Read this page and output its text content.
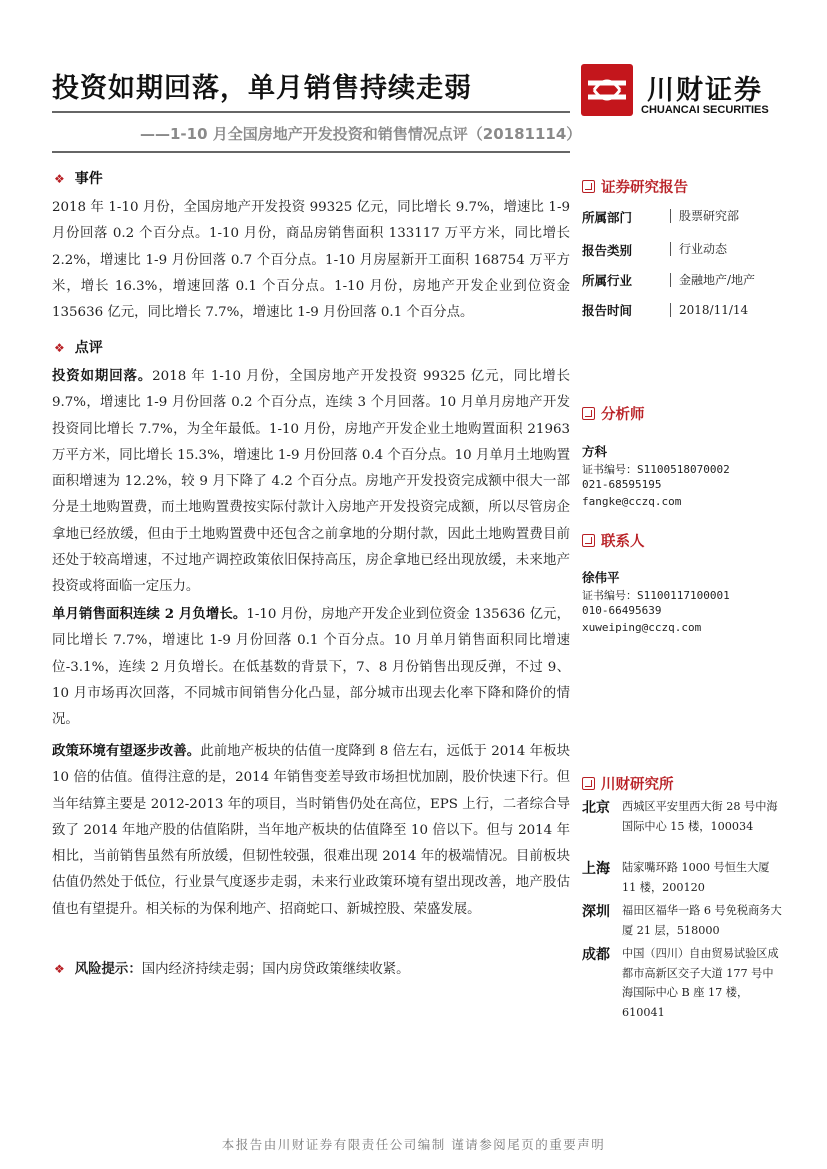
投资如期回落，单月销售持续走弱
——1-10 月全国房地产开发投资和销售情况点评（20181114）
川财证券
CHUANCAI SECURITIES
❖ 事件
2018 年 1-10 月份，全国房地产开发投资 99325 亿元，同比增长 9.7%，增速比 1-9 月份回落 0.2 个百分点。1-10 月份，商品房销售面积 133117 万平方米，同比增长 2.2%，增速比 1-9 月份回落 0.7 个百分点。1-10 月房屋新开工面积 168754 万平方米，增长 16.3%，增速回落 0.1 个百分点。1-10 月份，房地产开发企业到位资金 135636 亿元，同比增长 7.7%，增速比 1-9 月份回落 0.1 个百分点。
❖ 点评
投资如期回落。2018 年 1-10 月份，全国房地产开发投资 99325 亿元，同比增长 9.7%，增速比 1-9 月份回落 0.2 个百分点，连续 3 个月回落。10 月单月房地产开发投资同比增长 7.7%，为全年最低。1-10 月份，房地产开发企业土地购置面积 21963 万平方米，同比增长 15.3%，增速比 1-9 月份回落 0.4 个百分点。10 月单月土地购置面积增速为 12.2%，较 9 月下降了 4.2 个百分点。房地产开发投资完成额中很大一部分是土地购置费，而土地购置费按实际付款计入房地产开发投资完成额，所以尽管房企拿地已经放缓，但由于土地购置费中还包含之前拿地的分期付款，因此土地购置费目前还处于较高增速，不过地产调控政策依旧保持高压，房企拿地已经出现放缓，未来地产投资或将面临一定压力。
单月销售面积连续 2 月负增长。1-10 月份，房地产开发企业到位资金 135636 亿元，同比增长 7.7%，增速比 1-9 月份回落 0.1 个百分点。10 月单月销售面积同比增速位-3.1%，连续 2 月负增长。在低基数的背景下，7、8 月份销售出现反弹，不过 9、10 月市场再次回落，不同城市间销售分化凸显，部分城市出现去化率下降和降价的情况。
政策环境有望逐步改善。此前地产板块的估值一度降到 8 倍左右，远低于 2014 年板块 10 倍的估值。值得注意的是，2014 年销售变差导致市场担忧加剧，股价快速下行。但当年结算主要是 2012-2013 年的项目，当时销售仍处在高位，EPS 上行，二者综合导致了 2014 年地产股的估值陷阱，当年地产板块的估值降至 10 倍以下。但与 2014 年相比，当前销售虽然有所放缓，但韧性较强，很难出现 2014 年的极端情况。目前板块估值仍然处于低位，行业景气度逐步走弱，未来行业政策环境有望出现改善，地产股估值也有望提升。相关标的为保利地产、招商蛇口、新城控股、荣盛发展。
❖ 风险提示：国内经济持续走弱；国内房贷政策继续收紧。
证券研究报告
所属部门	股票研究部
报告类别	行业动态
所属行业	金融地产/地产
报告时间	2018/11/14
分析师
方科
证书编号：S1100518070002
021-68595195
fangke@cczq.com
联系人
徐伟平
证书编号：S1100117100001
010-66495639
xuweiping@cczq.com
川财研究所
北京 西城区平安里西大街 28 号中海国际中心 15 楼，100034
上海 陆家嘴环路 1000 号恒生大厦 11 楼，200120
深圳 福田区福华一路 6 号免税商务大厦 21 层，518000
成都 中国（四川）自由贸易试验区成都市高新区交子大道 177 号中海国际中心 B 座 17 楼，610041
本报告由川财证券有限责任公司编制 谨请参阅尾页的重要声明
